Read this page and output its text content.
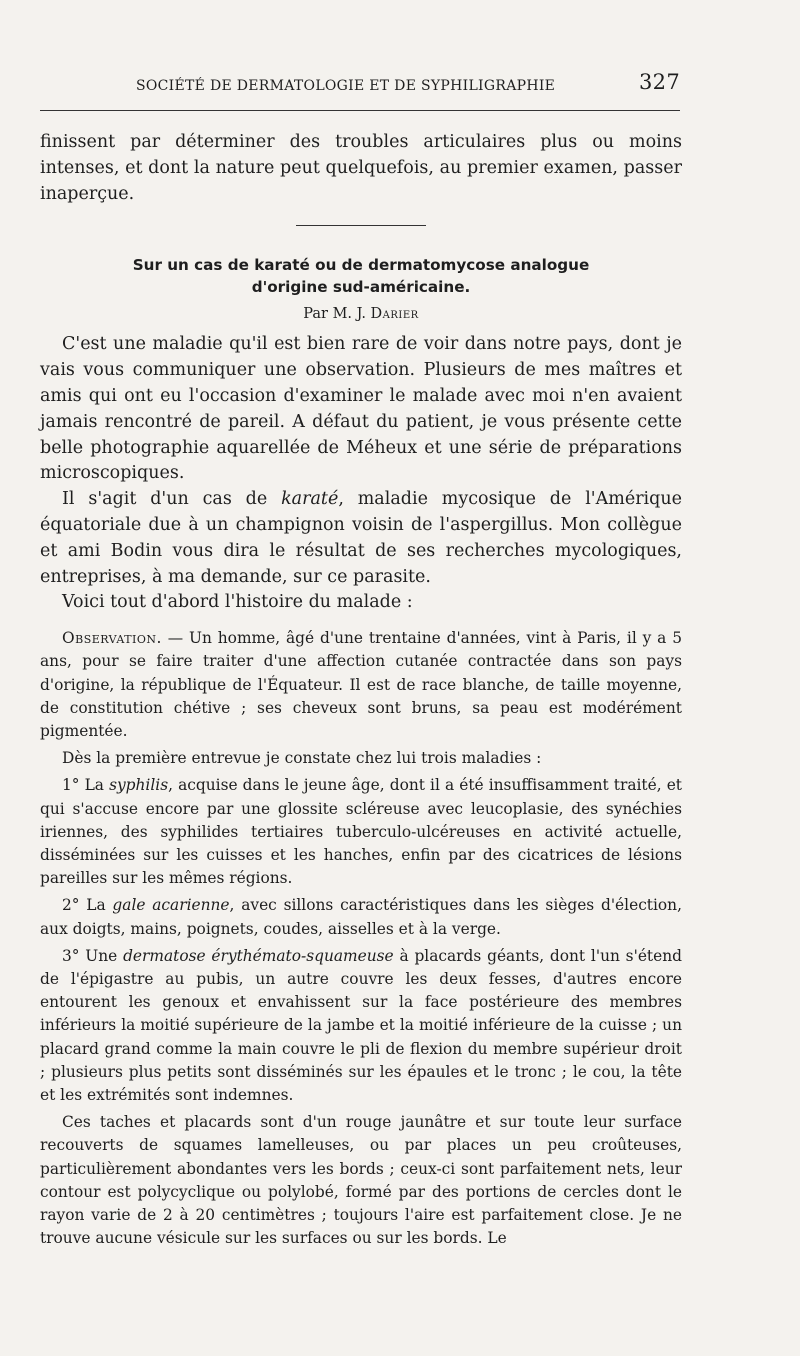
SOCIÉTÉ DE DERMATOLOGIE ET DE SYPHILIGRAPHIE	327

finissent par déterminer des troubles articulaires plus ou moins intenses, et dont la nature peut quelquefois, au premier examen, passer inaperçue.

Sur un cas de karaté ou de dermatomycose analogue
d'origine sud-américaine.
Par M. J. Darier

C'est une maladie qu'il est bien rare de voir dans notre pays, dont je vais vous communiquer une observation. Plusieurs de mes maîtres et amis qui ont eu l'occasion d'examiner le malade avec moi n'en avaient jamais rencontré de pareil. A défaut du patient, je vous présente cette belle photographie aquarellée de Méheux et une série de préparations microscopiques.

Il s'agit d'un cas de karaté, maladie mycosique de l'Amérique équatoriale due à un champignon voisin de l'aspergillus. Mon collègue et ami Bodin vous dira le résultat de ses recherches mycologiques, entreprises, à ma demande, sur ce parasite.

Voici tout d'abord l'histoire du malade :

Observation. — Un homme, âgé d'une trentaine d'années, vint à Paris, il y a 5 ans, pour se faire traiter d'une affection cutanée contractée dans son pays d'origine, la république de l'Équateur. Il est de race blanche, de taille moyenne, de constitution chétive ; ses cheveux sont bruns, sa peau est modérément pigmentée.

Dès la première entrevue je constate chez lui trois maladies :

1° La syphilis, acquise dans le jeune âge, dont il a été insuffisamment traité, et qui s'accuse encore par une glossite scléreuse avec leucoplasie, des synéchies iriennes, des syphilides tertiaires tuberculo-ulcéreuses en activité actuelle, disséminées sur les cuisses et les hanches, enfin par des cicatrices de lésions pareilles sur les mêmes régions.

2° La gale acarienne, avec sillons caractéristiques dans les sièges d'élection, aux doigts, mains, poignets, coudes, aisselles et à la verge.

3° Une dermatose érythémato-squameuse à placards géants, dont l'un s'étend de l'épigastre au pubis, un autre couvre les deux fesses, d'autres encore entourent les genoux et envahissent sur la face postérieure des membres inférieurs la moitié supérieure de la jambe et la moitié inférieure de la cuisse ; un placard grand comme la main couvre le pli de flexion du membre supérieur droit ; plusieurs plus petits sont disséminés sur les épaules et le tronc ; le cou, la tête et les extrémités sont indemnes.

Ces taches et placards sont d'un rouge jaunâtre et sur toute leur surface recouverts de squames lamelleuses, ou par places un peu croûteuses, particulièrement abondantes vers les bords ; ceux-ci sont parfaitement nets, leur contour est polycyclique ou polylobé, formé par des portions de cercles dont le rayon varie de 2 à 20 centimètres ; toujours l'aire est parfaitement close. Je ne trouve aucune vésicule sur les surfaces ou sur les bords. Le
